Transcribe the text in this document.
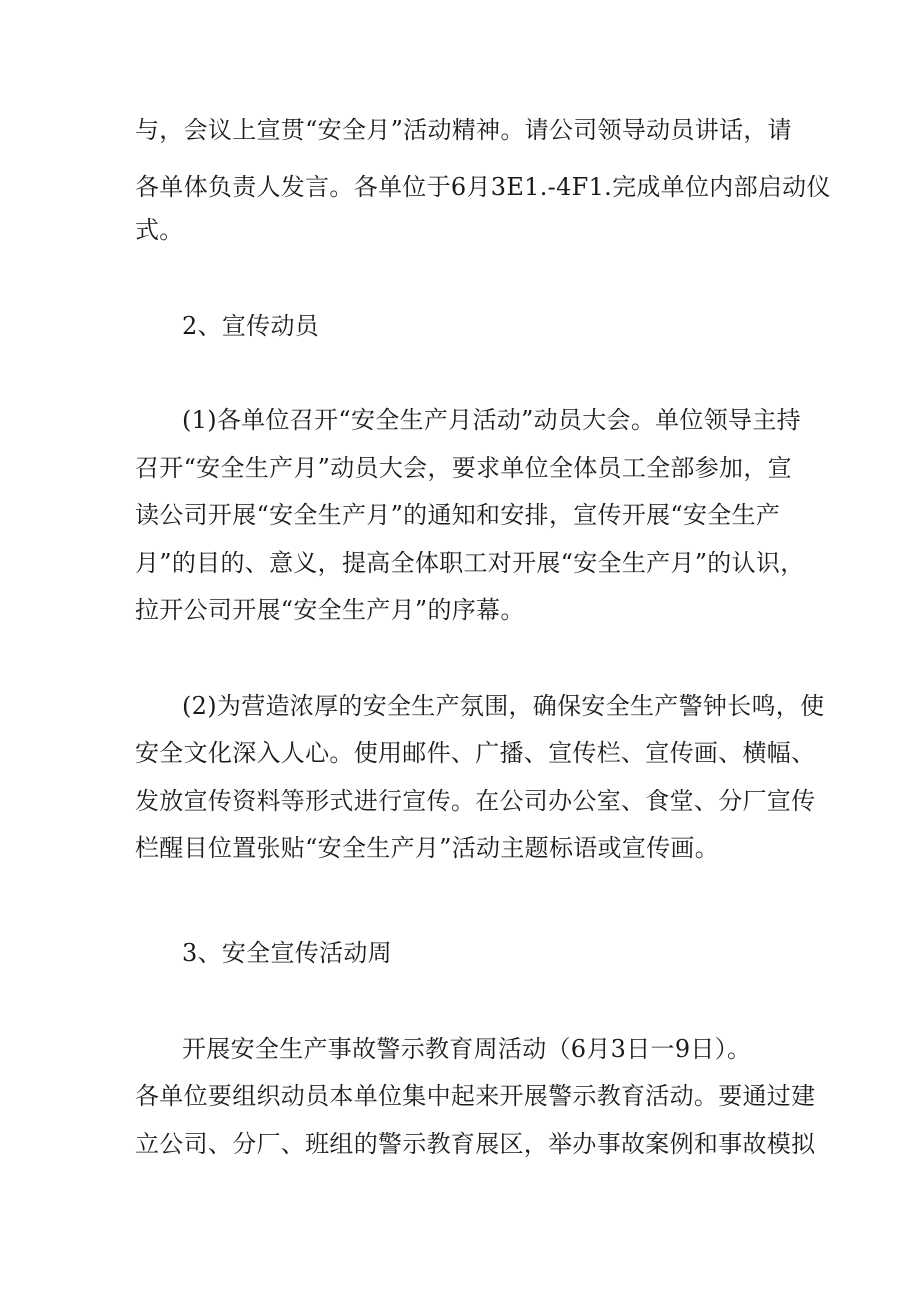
与，会议上宣贯“安全月”活动精神。请公司领导动员讲话，请
各单体负责人发言。各单位于6月3E1.-4F1.完成单位内部启动仪
式。
2、宣传动员
(1)各单位召开“安全生产月活动”动员大会。单位领导主持
召开“安全生产月”动员大会，要求单位全体员工全部参加，宣
读公司开展“安全生产月”的通知和安排，宣传开展“安全生产
月”的目的、意义，提高全体职工对开展“安全生产月”的认识，
拉开公司开展“安全生产月”的序幕。
(2)为营造浓厚的安全生产氛围，确保安全生产警钟长鸣，使
安全文化深入人心。使用邮件、广播、宣传栏、宣传画、横幅、
发放宣传资料等形式进行宣传。在公司办公室、食堂、分厂宣传
栏醒目位置张贴“安全生产月”活动主题标语或宣传画。
3、安全宣传活动周
开展安全生产事故警示教育周活动（6月3日一9日）。
各单位要组织动员本单位集中起来开展警示教育活动。要通过建
立公司、分厂、班组的警示教育展区，举办事故案例和事故模拟
